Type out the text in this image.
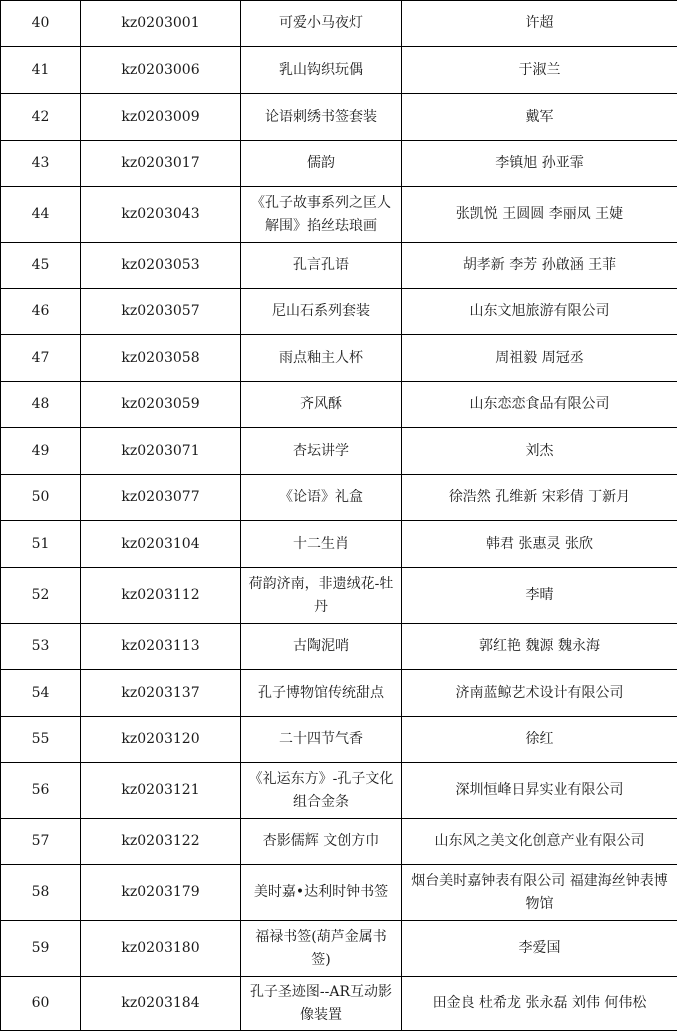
40	kz0203001	可爱小马夜灯	许超
41	kz0203006	乳山钩织玩偶	于淑兰
42	kz0203009	论语刺绣书签套装	戴军
43	kz0203017	儒韵	李镇旭 孙亚霏
44	kz0203043	《孔子故事系列之匡人解围》掐丝珐琅画	张凯悦 王圆圆 李丽凤 王婕
45	kz0203053	孔言孔语	胡孝新 李芳 孙啟涵 王菲
46	kz0203057	尼山石系列套装	山东文旭旅游有限公司
47	kz0203058	雨点釉主人杯	周祖毅 周冠丞
48	kz0203059	齐风酥	山东恋恋食品有限公司
49	kz0203071	杏坛讲学	刘杰
50	kz0203077	《论语》礼盒	徐浩然 孔维新 宋彩倩 丁新月
51	kz0203104	十二生肖	韩君 张惠灵 张欣
52	kz0203112	荷韵济南，非遗绒花-牡丹	李晴
53	kz0203113	古陶泥哨	郭红艳 魏源 魏永海
54	kz0203137	孔子博物馆传统甜点	济南蓝鲸艺术设计有限公司
55	kz0203120	二十四节气香	徐红
56	kz0203121	《礼运东方》-孔子文化组合金条	深圳恒峰日昇实业有限公司
57	kz0203122	杏影儒辉 文创方巾	山东风之美文化创意产业有限公司
58	kz0203179	美时嘉•达利时钟书签	烟台美时嘉钟表有限公司 福建海丝钟表博物馆
59	kz0203180	福禄书签(葫芦金属书签)	李爱国
60	kz0203184	孔子圣迹图--AR互动影像装置	田金良 杜希龙 张永磊 刘伟 何伟松
